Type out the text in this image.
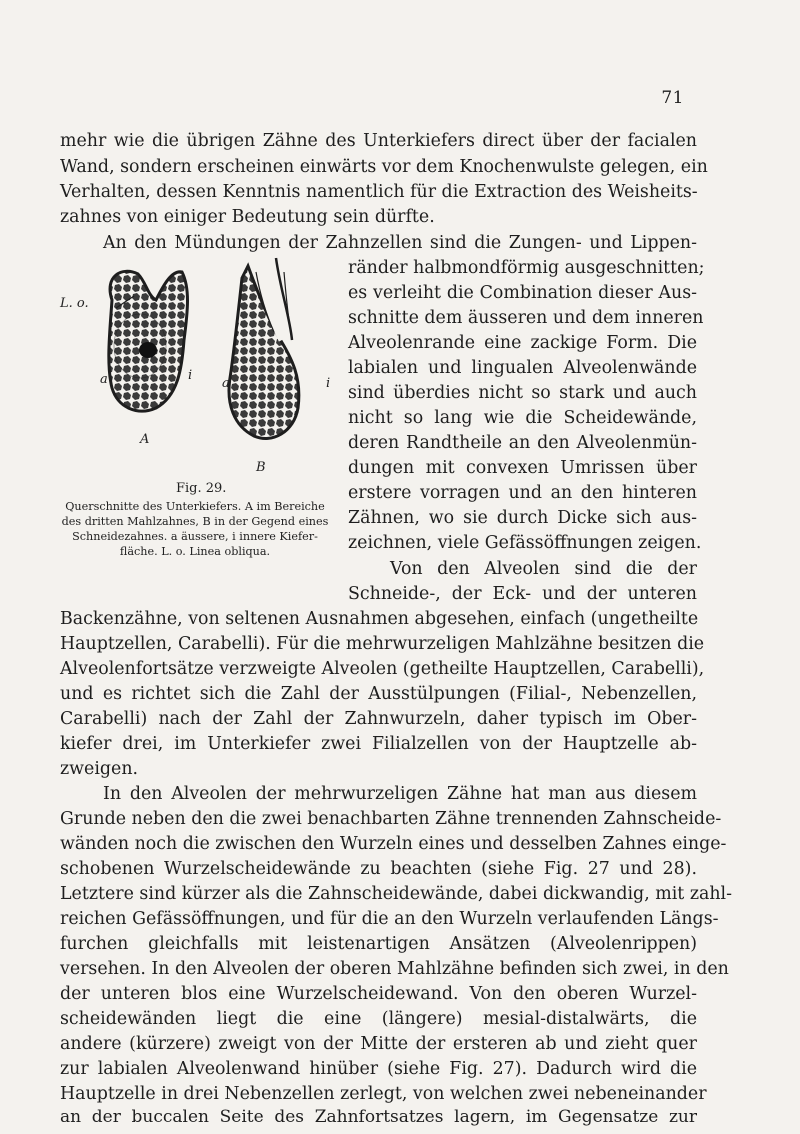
71
mehr wie die übrigen Zähne des Unterkiefers direct über der facialen
Wand, sondern erscheinen einwärts vor dem Knochenwulste gelegen, ein
Verhalten, dessen Kenntnis namentlich für die Extraction des Weisheits-
zahnes von einiger Bedeutung sein dürfte.
An den Mündungen der Zahnzellen sind die Zungen- und Lippen-
ränder halbmondförmig ausgeschnitten;
es verleiht die Combination dieser Aus-
schnitte dem äusseren und dem inneren
Alveolenrande eine zackige Form. Die
labialen und lingualen Alveolenwände
sind überdies nicht so stark und auch
nicht so lang wie die Scheidewände,
deren Randtheile an den Alveolenmün-
dungen mit convexen Umrissen über
erstere vorragen und an den hinteren
Zähnen, wo sie durch Dicke sich aus-
zeichnen, viele Gefässöffnungen zeigen.
Von den Alveolen sind die der
Schneide-, der Eck- und der unteren
Backenzähne, von seltenen Ausnahmen abgesehen, einfach (ungetheilte
Hauptzellen, Carabelli). Für die mehrwurzeligen Mahlzähne besitzen die
Alveolenfortsätze verzweigte Alveolen (getheilte Hauptzellen, Carabelli),
und es richtet sich die Zahl der Ausstülpungen (Filial-, Nebenzellen,
Carabelli) nach der Zahl der Zahnwurzeln, daher typisch im Ober-
kiefer drei, im Unterkiefer zwei Filialzellen von der Hauptzelle ab-
zweigen.
In den Alveolen der mehrwurzeligen Zähne hat man aus diesem
Grunde neben den die zwei benachbarten Zähne trennenden Zahnscheide-
wänden noch die zwischen den Wurzeln eines und desselben Zahnes einge-
schobenen Wurzelscheidewände zu beachten (siehe Fig. 27 und 28).
Letztere sind kürzer als die Zahnscheidewände, dabei dickwandig, mit zahl-
reichen Gefässöffnungen, und für die an den Wurzeln verlaufenden Längs-
furchen gleichfalls mit leistenartigen Ansätzen (Alveolenrippen)
versehen. In den Alveolen der oberen Mahlzähne befinden sich zwei, in den
der unteren blos eine Wurzelscheidewand. Von den oberen Wurzel-
scheidewänden liegt die eine (längere) mesial-distalwärts, die
andere (kürzere) zweigt von der Mitte der ersteren ab und zieht quer
zur labialen Alveolenwand hinüber (siehe Fig. 27). Dadurch wird die
Hauptzelle in drei Nebenzellen zerlegt, von welchen zwei nebeneinander
an der buccalen Seite des Zahnfortsatzes lagern, im Gegensatze zur
L. o.
a	i
A
a	i
B
Fig. 29.
Querschnitte des Unterkiefers. A im Bereiche
des dritten Mahlzahnes, B in der Gegend eines
Schneidezahnes. a äussere, i innere Kiefer-
fläche. L. o. Linea obliqua.
